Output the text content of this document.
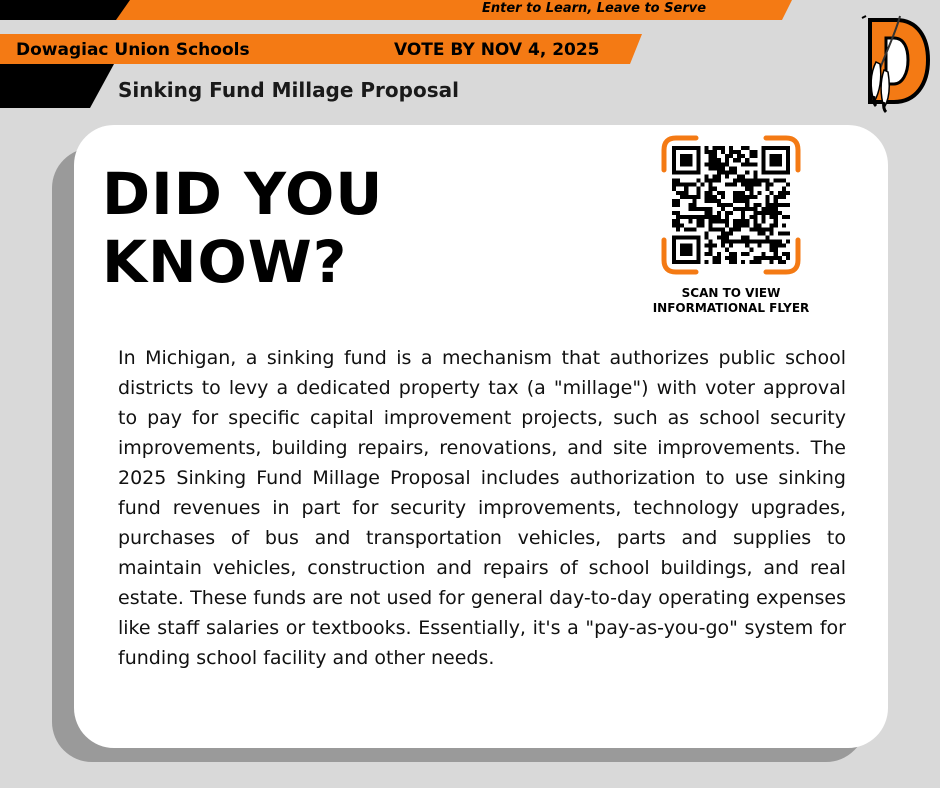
Enter to Learn, Leave to Serve
Dowagiac Union Schools	VOTE BY NOV 4, 2025
Sinking Fund Millage Proposal
DID YOU
KNOW?	SCAN TO VIEW
INFORMATIONAL FLYER

In Michigan, a sinking fund is a mechanism that authorizes public school districts to levy a dedicated property tax (a "millage") with voter approval to pay for specific capital improvement projects, such as school security improvements, building repairs, renovations, and site improvements. The 2025 Sinking Fund Millage Proposal includes authorization to use sinking fund revenues in part for security improvements, technology upgrades, purchases of bus and transportation vehicles, parts and supplies to maintain vehicles, construction and repairs of school buildings, and real estate. These funds are not used for general day-to-day operating expenses like staff salaries or textbooks. Essentially, it's a "pay-as-you-go" system for funding school facility and other needs.
